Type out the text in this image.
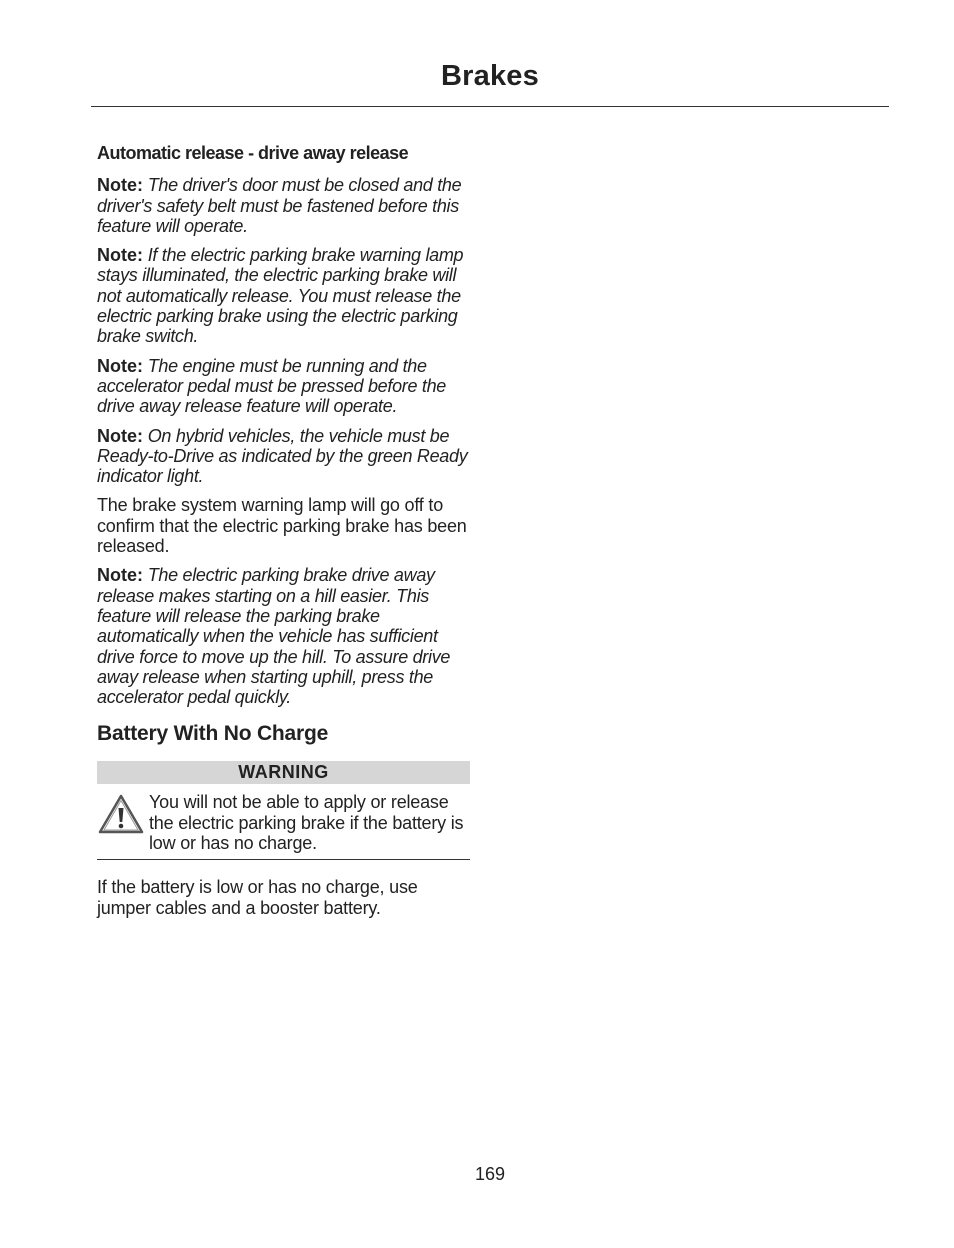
Brakes
Automatic release - drive away release

Note: The driver's door must be closed and the driver's safety belt must be fastened before this feature will operate.

Note: If the electric parking brake warning lamp stays illuminated, the electric parking brake will not automatically release. You must release the electric parking brake using the electric parking brake switch.

Note: The engine must be running and the accelerator pedal must be pressed before the drive away release feature will operate.

Note: On hybrid vehicles, the vehicle must be Ready-to-Drive as indicated by the green Ready indicator light.

The brake system warning lamp will go off to confirm that the electric parking brake has been released.

Note: The electric parking brake drive away release makes starting on a hill easier. This feature will release the parking brake automatically when the vehicle has sufficient drive force to move up the hill. To assure drive away release when starting uphill, press the accelerator pedal quickly.

Battery With No Charge
WARNING
You will not be able to apply or release the electric parking brake if the battery is low or has no charge.

If the battery is low or has no charge, use jumper cables and a booster battery.

169
